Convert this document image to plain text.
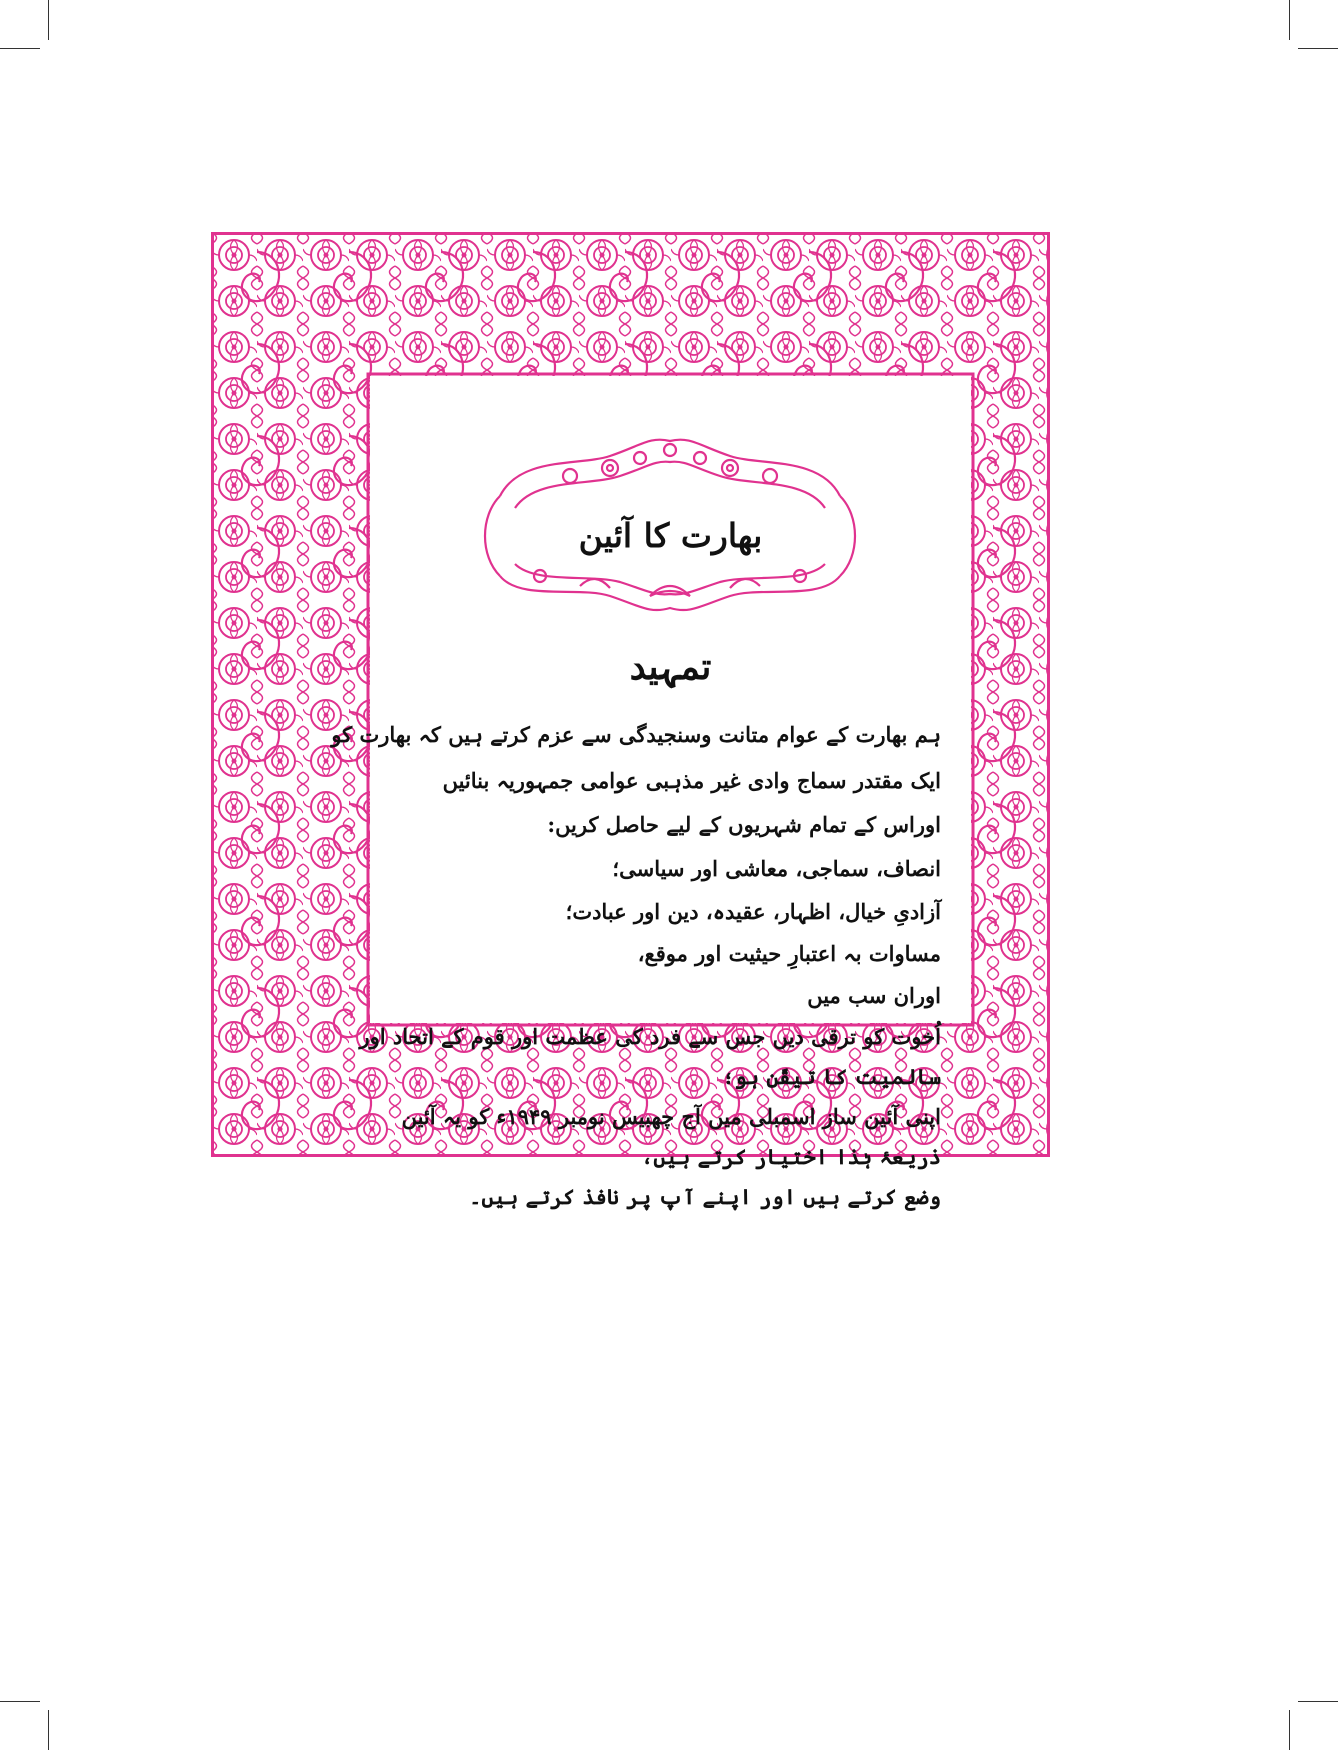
بھارت کا آئین
تمہید
ہم بھارت کے عوام متانت وسنجیدگی سے عزم کرتے ہیں کہ بھارت کو
ایک مقتدر سماج وادی غیر مذہبی عوامی جمہوریہ بنائیں
اوراس کے تمام شہریوں کے لیے حاصل کریں:
انصاف، سماجی، معاشی اور سیاسی؛
آزادیِ خیال، اظہار، عقیدہ، دین اور عبادت؛
مساوات بہ اعتبارِ حیثیت اور موقع،
اوران سب میں
اُخوت کو ترقی دیں جس سے فرد کی عظمت اور قوم کے اتحاد اور
سالمیت کا تیقّن ہو؛
اپنی آئین ساز اسمبلی میں آج چھبیس نومبر ۱۹۴۹ء کو یہ آئین
ذریعۂ ہٰذا اختیار کرتے ہیں،
وضع کرتے ہیں اور اپنے آپ پر نافذ کرتے ہیں۔
